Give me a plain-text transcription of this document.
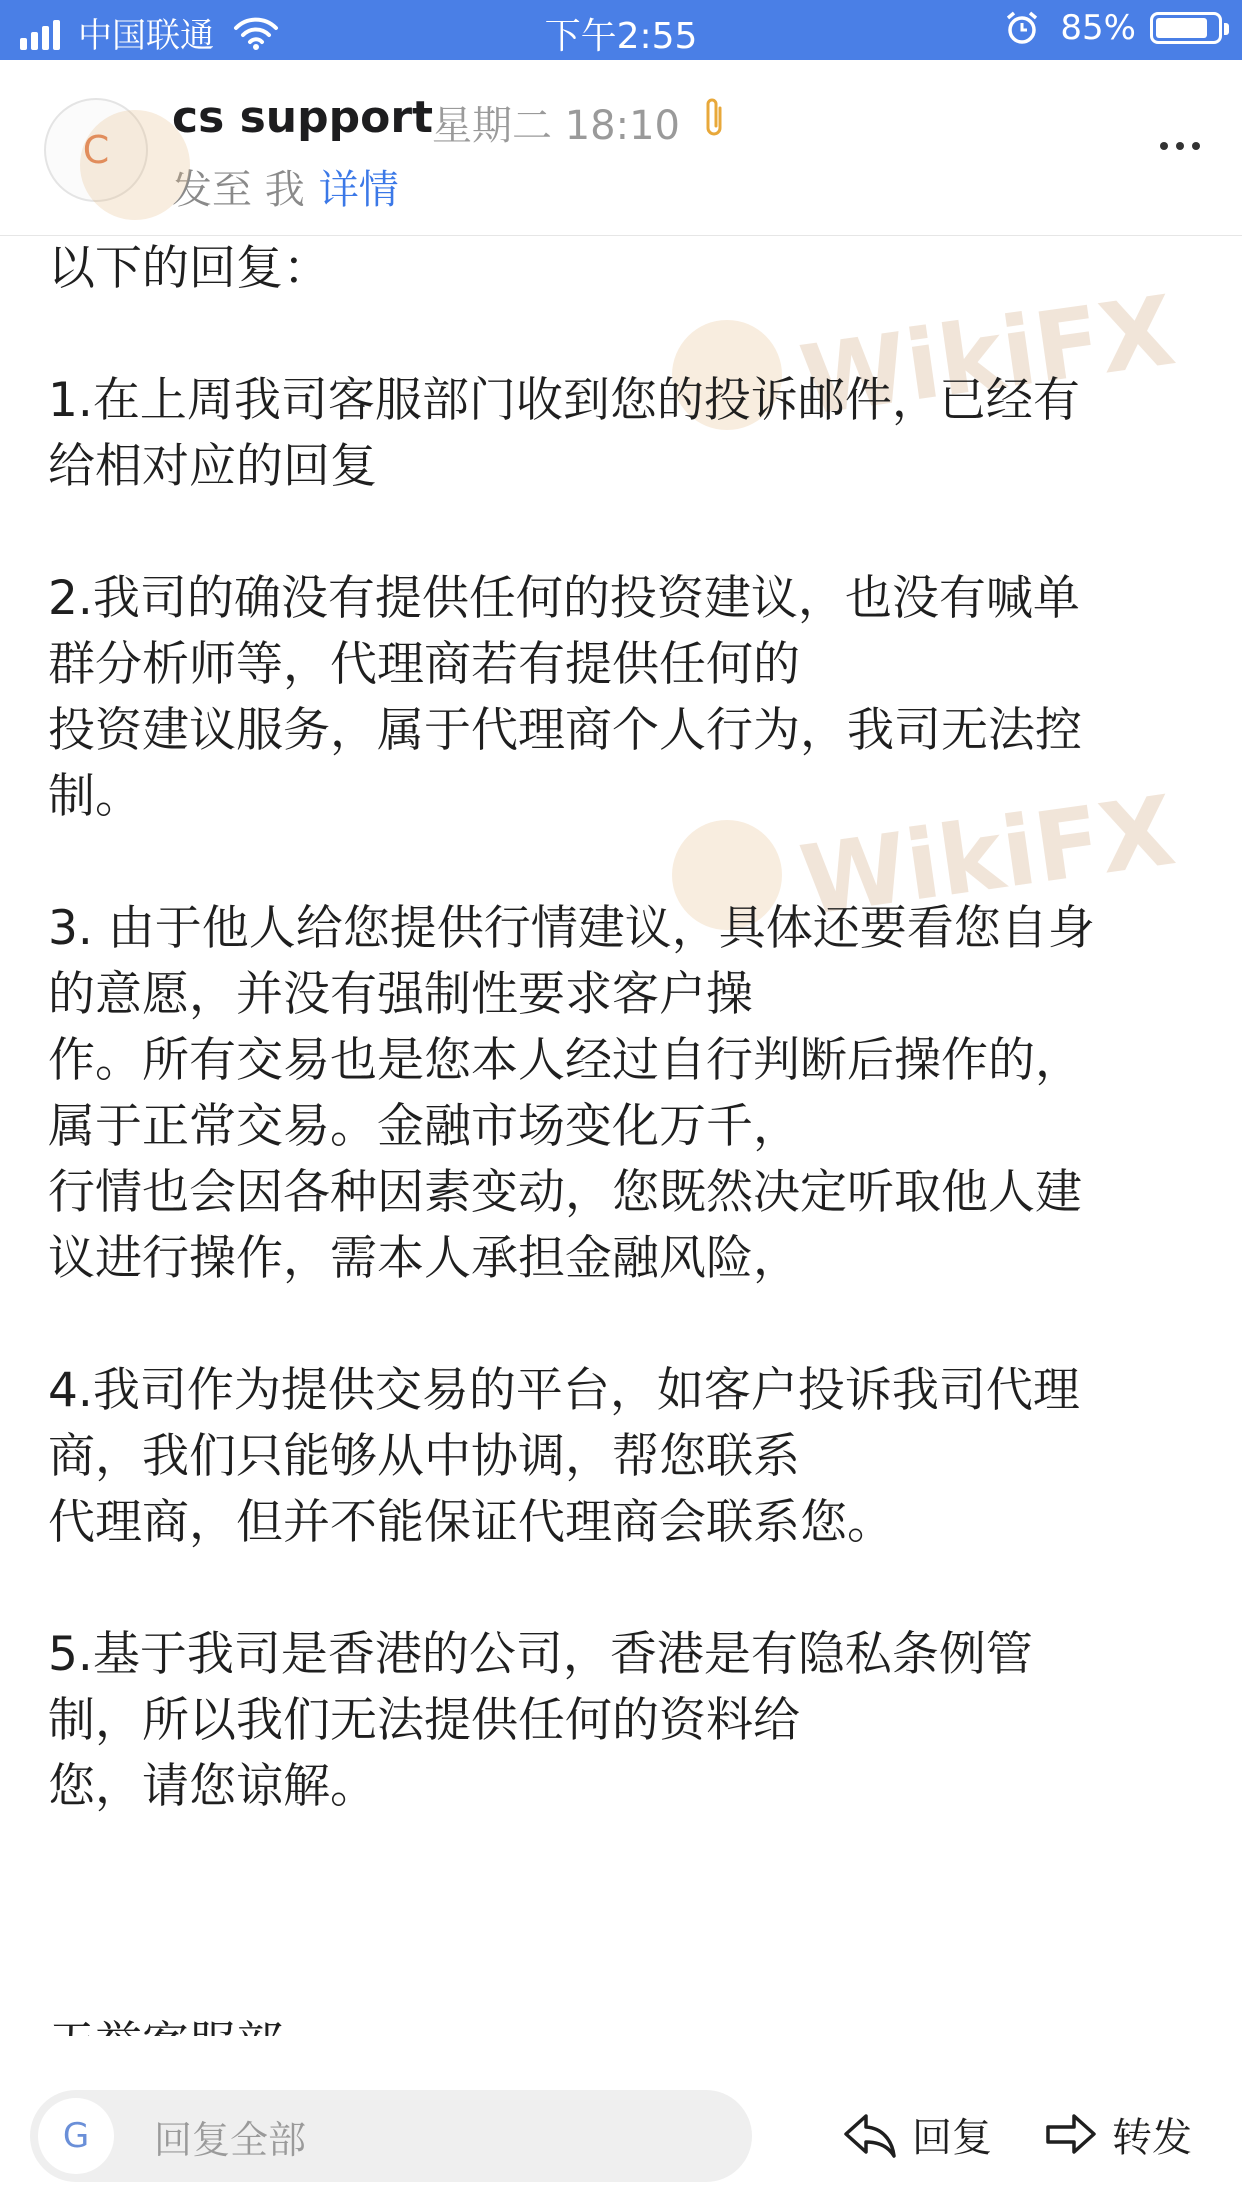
中国联通	下午2:55	85%
C
cs support
星期二 18:10
发至 我 详情
WikiFX
WikiFX
以下的回复：
1.在上周我司客服部门收到您的投诉邮件，已经有
给相对应的回复
2.我司的确没有提供任何的投资建议，也没有喊单
群分析师等，代理商若有提供任何的
投资建议服务，属于代理商个人行为，我司无法控
制。
3. 由于他人给您提供行情建议，具体还要看您自身
的意愿，并没有强制性要求客户操
作。所有交易也是您本人经过自行判断后操作的，
属于正常交易。金融市场变化万千，
行情也会因各种因素变动，您既然决定听取他人建
议进行操作，需本人承担金融风险，
4.我司作为提供交易的平台，如客户投诉我司代理
商，我们只能够从中协调，帮您联系
代理商，但并不能保证代理商会联系您。
5.基于我司是香港的公司，香港是有隐私条例管
制，所以我们无法提供任何的资料给
您，请您谅解。
G	回复全部	回复	转发
